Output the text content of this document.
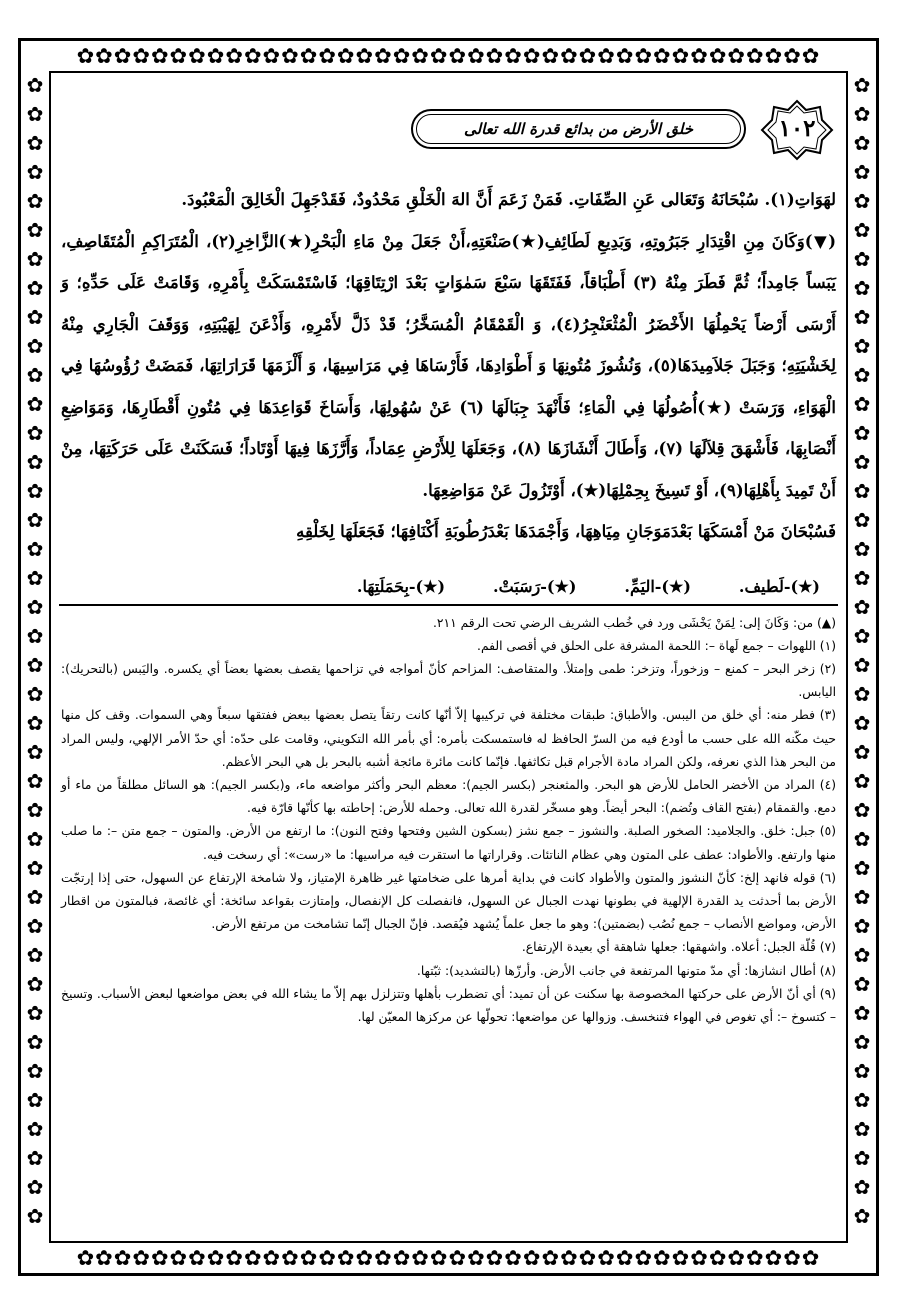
✿✿✿✿✿✿✿✿✿✿✿✿✿✿✿✿✿✿✿✿✿✿✿✿✿✿✿✿✿✿✿✿✿✿✿✿✿✿✿✿
✿✿✿✿✿✿✿✿✿✿✿✿✿✿✿✿✿✿✿✿✿✿✿✿✿✿✿✿✿✿✿✿✿✿✿✿✿✿✿✿
✿✿✿✿✿✿✿✿✿✿✿✿✿✿✿✿✿✿✿✿✿✿✿✿✿✿✿✿✿✿✿✿✿✿✿✿✿✿✿✿
✿✿✿✿✿✿✿✿✿✿✿✿✿✿✿✿✿✿✿✿✿✿✿✿✿✿✿✿✿✿✿✿✿✿✿✿✿✿✿✿
خلق الأرض من بدائع قدرة الله تعالى	١٠٢

لهَوَاتِ(١). سُبْحَانَهُ وَتَعَالى عَنِ الصِّفَاتِ. فَمَنْ زَعَمَ أَنَّ الهَ الْخَلْقِ مَحْدُودٌ، فَقَدْجَهِلَ الْخَالِقَ الْمَعْبُودَ.

(▼)وَكَانَ مِنِ اقْتِدَارِ جَبَرُوتِهِ، وَبَدِيعِ لَطَائِفِ(★)صَنْعَتِهِ،أَنْ جَعَلَ مِنْ مَاءِ الْبَحْرِ(★)الزَّاخِرِ(٢)، الْمُتَرَاكِمِ الْمُتَقَاصِفِ، يَبَساً جَامِداً؛ ثُمَّ فَطَرَ مِنْهُ (٣) أَطْبَاقاً، فَفَتَقَهَا سَبْعَ سَمٰوَاتٍ بَعْدَ ارْتِتَاقِهَا؛ فَاسْتَمْسَكَتْ بِأَمْرِهِ، وَقَامَتْ عَلَى حَدِّهِ؛ وَ أَرْسَى أَرْضاً يَحْمِلُهَا الأَخْضَرُ الْمُثْعَنْجِرُ(٤)، وَ الْقَمْقَامُ الْمُسَخَّرُ؛ قَدْ ذَلَّ لأَمْرِهِ، وَأَذْعَنَ لِهَيْبَتِهِ، وَوَقَفَ الْجَارِي مِنْهُ لِخَشْيَتِهِ؛ وَجَبَلَ جَلاَمِيدَهَا(٥)، وَنُشُوزَ مُتُونِهَا وَ أَطْوَادِهَا، فَأَرْسَاهَا فِي مَرَاسِيهَا، وَ أَلْزَمَهَا قَرَارَاتِهَا، فَمَضَتْ رُؤُوسُهَا فِي الْهَوَاءِ، وَرَسَتْ (★)أُصُولُهَا فِي الْمَاءِ؛ فَأَنْهَدَ جِبَالَهَا (٦) عَنْ سُهُولِهَا، وَأَسَاخَ قَوَاعِدَهَا فِي مُتُونِ أَقْطَارِهَا، وَمَوَاضِعِ أَنْصَابِهَا، فَأَشْهَقَ قِلاَلَهَا (٧)، وَأَطَالَ أَنْشَازَهَا (٨)، وَجَعَلَهَا لِلأَرْضِ عِمَاداً، وَأَرَّزَهَا فِيهَا أَوْتَاداً؛ فَسَكَنَتْ عَلَى حَرَكَتِهَا، مِنْ أَنْ تَمِيدَ بِأَهْلِهَا(٩)، أَوْ تَسِيخَ بِحِمْلِهَا(★)، أَوْتَزُولَ عَنْ مَوَاضِعِهَا.

فَسُبْحَانَ مَنْ أَمْسَكَهَا بَعْدَمَوَجَانِ مِيَاهِهَا، وَأَجْمَدَهَا بَعْدَرُطُوبَةِ أَكْنَافِهَا؛ فَجَعَلَهَا لِخَلْقِهِ

(★)-لَطيف.
(★)-اليَمِّ.
(★)-رَسَبَتْ.
(★)-بِحَمَلَتِهَا.

(▲) من: وَكَانَ إلى: لِمَنْ يَخْشَى ورد في خُطب الشريف الرضي تحت الرقم ٢١١.

(١) اللهوات – جمع لَهاة –: اللحمة المشرفة على الحلق في أقصى الفم.

(٢) زخر البحر – كمنع – وزخوراً، وتزخر: طمى وإمتلأ. والمتقاصف: المزاحم كأنّ أمواجه في تزاحمها يقصف بعضها بعضاً أي يكسره. واليَبس (بالتحريك): اليابس.

(٣) فطر منه: أي خلق من اليبس. والأطباق: طبقات مختلفة في تركيبها إلاّ أنّها كانت رتقاً يتصل بعضها ببعض ففتقها سبعاً وهي السموات. وقف كل منها حيث مكّنه الله على حسب ما أودع فيه من السرّ الحافظ له فاستمسكت بأمره: أي بأمر الله التكويني، وقامت على حدّه: أي حدّ الأمر الإلهي، وليس المراد من البحر هذا الذي نعرفه، ولكن المراد مادة الأجرام قبل تكاثفها. فإنّما كانت مائرة مائجة أشبه بالبحر بل هي البحر الأعظم.

(٤) المراد من الأخضر الحامل للأرض هو البحر. والمثعنجر (بكسر الجيم): معظم البحر وأكثر مواضعه ماء، و(بكسر الجيم): هو السائل مطلقاً من ماء أو دمع. والقمقام (بفتح القاف وتُضم): البحر أيضاً. وهو مسخّر لقدرة الله تعالى. وحمله للأرض: إحاطته بها كأنّها قارّة فيه.

(٥) جبل: خلق. والجلاميد: الصخور الصلبة. والنشوز – جمع نشز (بسكون الشين وفتحها وفتح النون): ما ارتفع من الأرض. والمتون – جمع متن –: ما صلب منها وارتفع. والأطواد: عطف على المتون وهي عظام الناتئات. وقراراتها ما استقرت فيه مراسيها: ما «رست»: أي رسخت فيه.

(٦) قوله فانهد إلخ: كأنّ النشوز والمتون والأطواد كانت في بداية أمرها على ضخامتها غير ظاهرة الإمتياز، ولا شامخة الإرتفاع عن السهول، حتى إذا إرتجّت الأرض بما أحدثت يد القدرة الإلهية في بطونها نهدت الجبال عن السهول، فانفصلت كل الإنفصال، وإمتازت بقواعد سائخة: أي غائصة، فبالمتون من اقطار الأرض، ومواضع الأنصاب – جمع نُصُب (بضمتين): وهو ما جعل علماً يُشهد فيُقصد. فإنّ الجبال إنّما تشامخت من مرتفع الأرض.

(٧) قُلّة الجبل: أعلاه. واشهقها: جعلها شاهقة أي بعيدة الإرتفاع.

(٨) أطال انشازها: أي مدّ متونها المرتفعة في جانب الأرض. وأرزّها (بالتشديد): ثبّتها.

(٩) أي أنّ الأرض على حركتها المخصوصة بها سكنت عن أن تميد: أي تضطرب بأهلها وتتزلزل بهم إلاّ ما يشاء الله في بعض مواضعها لبعض الأسباب. وتسيخ – كتسوخ –: أي تغوص في الهواء فتنخسف. وزوالها عن مواضعها: تحولّها عن مركزها المعيّن لها.
